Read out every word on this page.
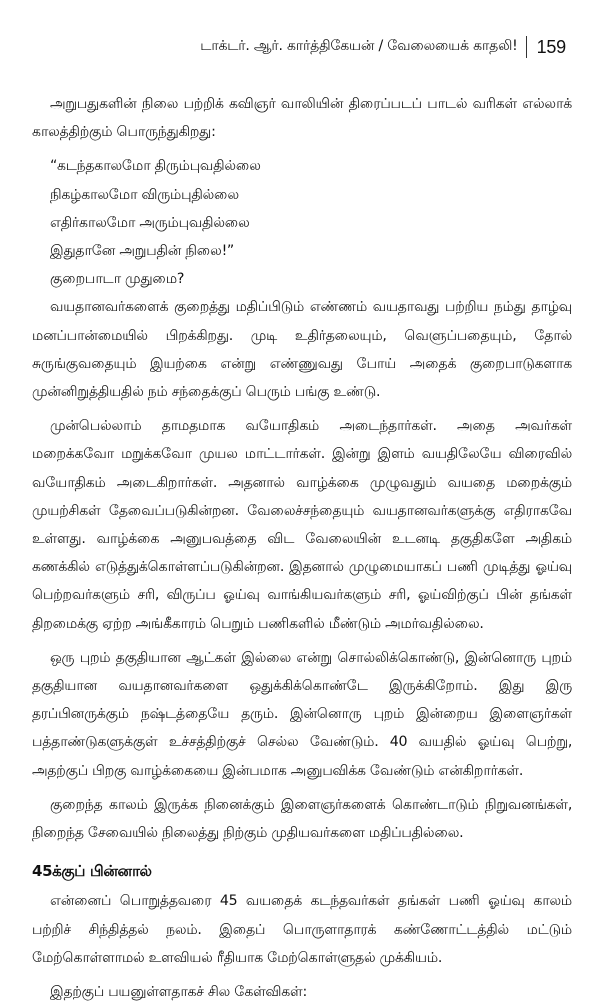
டாக்டர். ஆர். கார்த்திகேயன் / வேலையைக் காதலி! 159

அறுபதுகளின் நிலை பற்றிக் கவிஞர் வாலியின் திரைப்படப் பாடல் வரிகள் எல்லாக் காலத்திற்கும் பொருந்துகிறது:

“கடந்தகாலமோ திரும்புவதில்லை
நிகழ்காலமோ விரும்புதில்லை
எதிர்காலமோ அரும்புவதில்லை
இதுதானே அறுபதின் நிலை!”
குறைபாடா முதுமை?

வயதானவர்களைக் குறைத்து மதிப்பிடும் எண்ணம் வயதாவது பற்றிய நம்து தாழ்வு மனப்பான்மையில் பிறக்கிறது. முடி உதிர்தலையும், வெளுப்பதையும், தோல் சுருங்குவதையும் இயற்கை என்று எண்ணுவது போய் அதைக் குறைபாடுகளாக முன்னிறுத்தியதில் நம் சந்தைக்குப் பெரும் பங்கு உண்டு.

முன்பெல்லாம் தாமதமாக வயோதிகம் அடைந்தார்கள். அதை அவர்கள் மறைக்கவோ மறுக்கவோ முயல மாட்டார்கள். இன்று இளம் வயதிலேயே விரைவில் வயோதிகம் அடைகிறார்கள். அதனால் வாழ்க்கை முழுவதும் வயதை மறைக்கும் முயற்சிகள் தேவைப்படுகின்றன. வேலைச்சந்தையும் வயதானவர்களுக்கு எதிராகவே உள்ளது. வாழ்க்கை அனுபவத்தை விட வேலையின் உடனடி தகுதிகளே அதிகம் கணக்கில் எடுத்துக்கொள்ளப்படுகின்றன. இதனால் முழுமையாகப் பணி முடித்து ஓய்வு பெற்றவர்களும் சரி, விருப்ப ஓய்வு வாங்கியவர்களும் சரி, ஓய்விற்குப் பின் தங்கள் திறமைக்கு ஏற்ற அங்கீகாரம் பெறும் பணிகளில் மீண்டும் அமர்வதில்லை.

ஒரு புறம் தகுதியான ஆட்கள் இல்லை என்று சொல்லிக்கொண்டு, இன்னொரு புறம் தகுதியான வயதானவர்களை ஒதுக்கிக்கொண்டே இருக்கிறோம். இது இரு தரப்பினருக்கும் நஷ்டத்தையே தரும். இன்னொரு புறம் இன்றைய இளைஞர்கள் பத்தாண்டுகளுக்குள் உச்சத்திற்குச் செல்ல வேண்டும். 40 வயதில் ஓய்வு பெற்று, அதற்குப் பிறகு வாழ்க்கையை இன்பமாக அனுபவிக்க வேண்டும் என்கிறார்கள்.

குறைந்த காலம் இருக்க நினைக்கும் இளைஞர்களைக் கொண்டாடும் நிறுவனங்கள், நிறைந்த சேவையில் நிலைத்து நிற்கும் முதியவர்களை மதிப்பதில்லை.

45க்குப் பின்னால்

என்னைப் பொறுத்தவரை 45 வயதைக் கடந்தவர்கள் தங்கள் பணி ஓய்வு காலம் பற்றிச் சிந்தித்தல் நலம். இதைப் பொருளாதாரக் கண்ணோட்டத்தில் மட்டும் மேற்கொள்ளாமல் உளவியல் ரீதியாக மேற்கொள்ளுதல் முக்கியம்.

இதற்குப் பயனுள்ளதாகச் சில கேள்விகள்:
